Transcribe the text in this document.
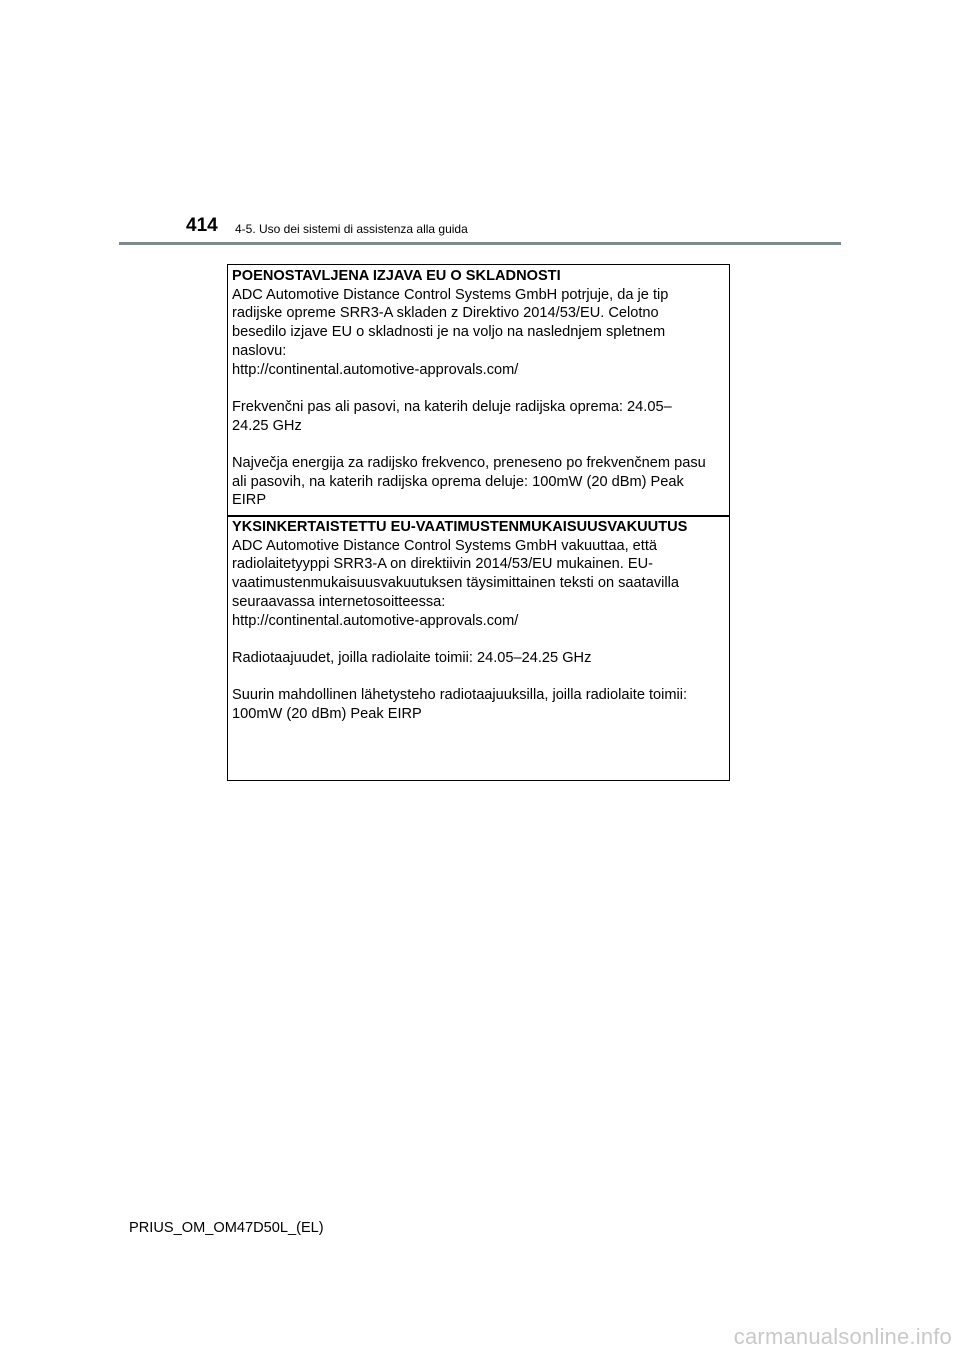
414 4-5. Uso dei sistemi di assistenza alla guida

POENOSTAVLJENA IZJAVA EU O SKLADNOSTI

ADC Automotive Distance Control Systems GmbH potrjuje, da je tip

radijske opreme SRR3-A skladen z Direktivo 2014/53/EU. Celotno

besedilo izjave EU o skladnosti je na voljo na naslednjem spletnem

naslovu:

http://continental.automotive-approvals.com/

Frekvenčni pas ali pasovi, na katerih deluje radijska oprema: 24.05–

24.25 GHz

Največja energija za radijsko frekvenco, preneseno po frekvenčnem pasu

ali pasovih, na katerih radijska oprema deluje: 100mW (20 dBm) Peak

EIRP

YKSINKERTAISTETTU EU-VAATIMUSTENMUKAISUUSVAKUUTUS

ADC Automotive Distance Control Systems GmbH vakuuttaa, että

radiolaitetyyppi SRR3-A on direktiivin 2014/53/EU mukainen. EU-

vaatimustenmukaisuusvakuutuksen täysimittainen teksti on saatavilla

seuraavassa internetosoitteessa:

http://continental.automotive-approvals.com/

Radiotaajuudet, joilla radiolaite toimii: 24.05–24.25 GHz

Suurin mahdollinen lähetysteho radiotaajuuksilla, joilla radiolaite toimii:

100mW (20 dBm) Peak EIRP

PRIUS_OM_OM47D50L_(EL)
carmanualsonline.info
